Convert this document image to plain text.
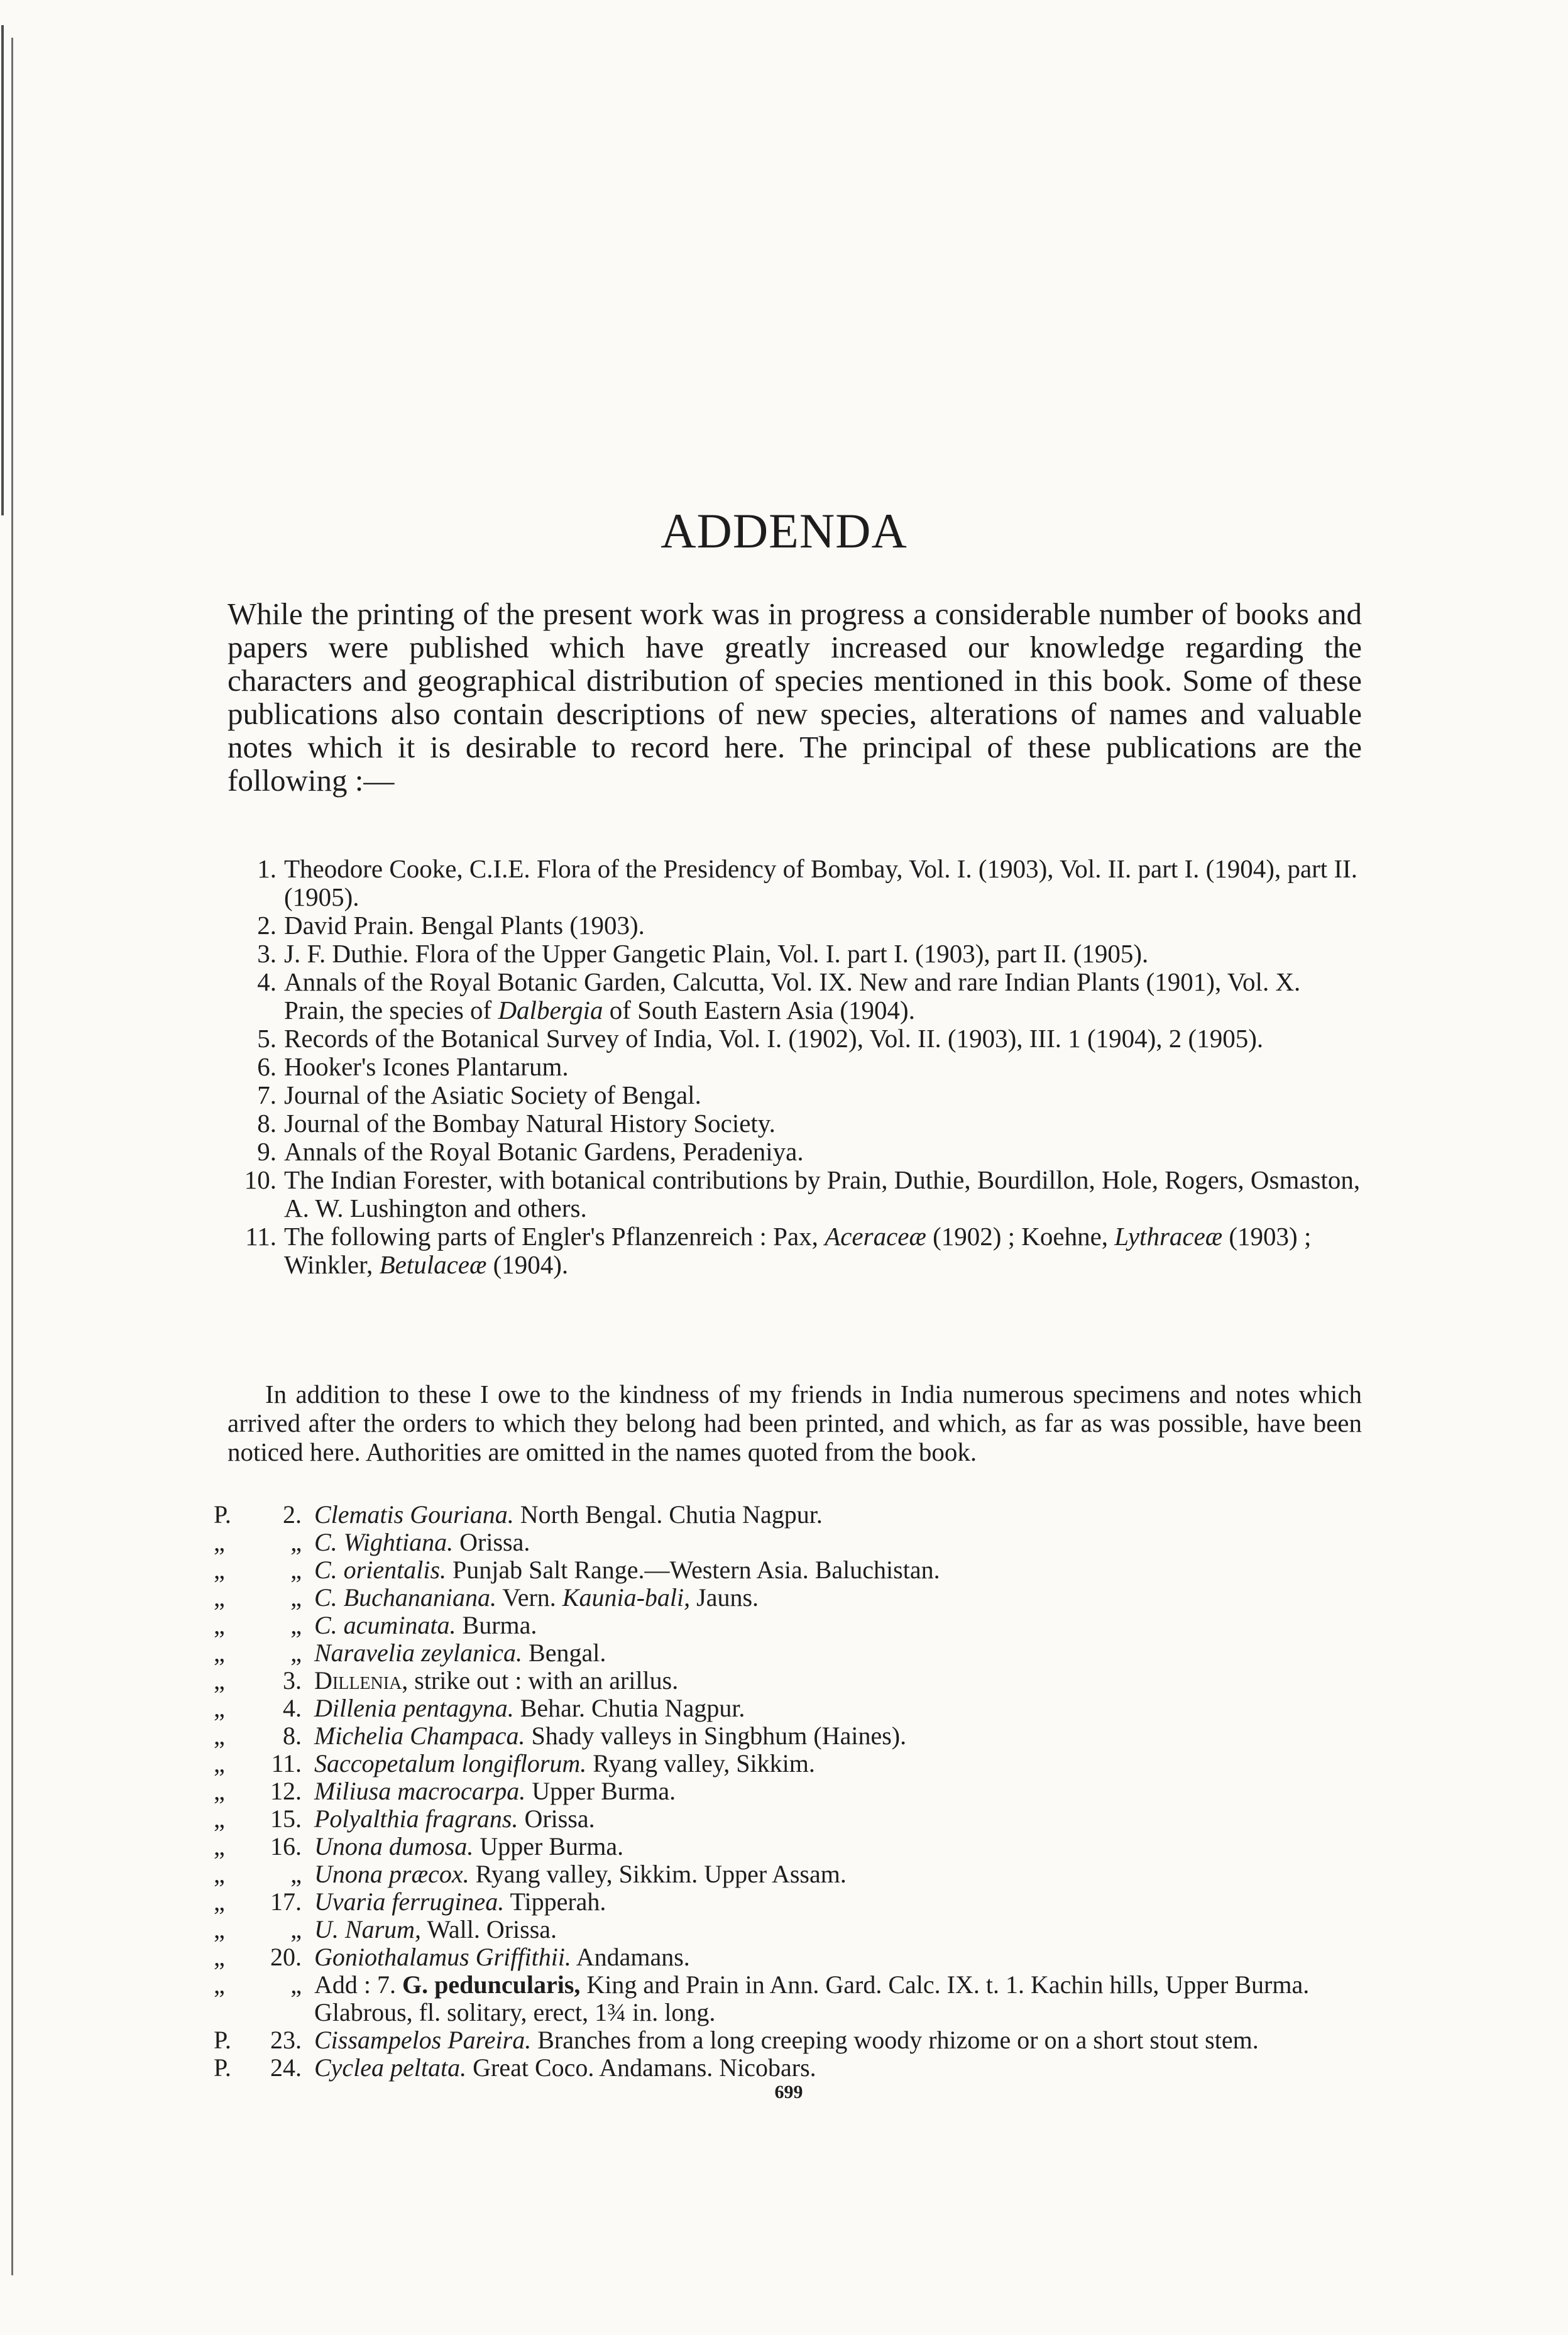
ADDENDA
While the printing of the present work was in progress a considerable number of books and papers were published which have greatly increased our knowledge regarding the characters and geographical distribution of species mentioned in this book. Some of these publications also contain descriptions of new species, alterations of names and valuable notes which it is desirable to record here. The principal of these publications are the following :—
1. Theodore Cooke, C.I.E. Flora of the Presidency of Bombay, Vol. I. (1903), Vol. II. part I. (1904), part II. (1905).
2. David Prain. Bengal Plants (1903).
3. J. F. Duthie. Flora of the Upper Gangetic Plain, Vol. I. part I. (1903), part II. (1905).
4. Annals of the Royal Botanic Garden, Calcutta, Vol. IX. New and rare Indian Plants (1901), Vol. X. Prain, the species of Dalbergia of South Eastern Asia (1904).
5. Records of the Botanical Survey of India, Vol. I. (1902), Vol. II. (1903), III. 1 (1904), 2 (1905).
6. Hooker's Icones Plantarum.
7. Journal of the Asiatic Society of Bengal.
8. Journal of the Bombay Natural History Society.
9. Annals of the Royal Botanic Gardens, Peradeniya.
10. The Indian Forester, with botanical contributions by Prain, Duthie, Bourdillon, Hole, Rogers, Osmaston, A. W. Lushington and others.
11. The following parts of Engler's Pflanzenreich : Pax, Aceraceæ (1902) ; Koehne, Lythraceæ (1903) ; Winkler, Betulaceæ (1904).
In addition to these I owe to the kindness of my friends in India numerous specimens and notes which arrived after the orders to which they belong had been printed, and which, as far as was possible, have been noticed here. Authorities are omitted in the names quoted from the book.
P.	2. Clematis Gouriana. North Bengal. Chutia Nagpur.
„	„ C. Wightiana. Orissa.
„	„ C. orientalis. Punjab Salt Range.—Western Asia. Baluchistan.
„	„ C. Buchananiana. Vern. Kaunia-bali, Jauns.
„	„ C. acuminata. Burma.
„	„ Naravelia zeylanica. Bengal.
„	3. Dillenia, strike out : with an arillus.
„	4. Dillenia pentagyna. Behar. Chutia Nagpur.
„	8. Michelia Champaca. Shady valleys in Singbhum (Haines).
„	11. Saccopetalum longiflorum. Ryang valley, Sikkim.
„	12. Miliusa macrocarpa. Upper Burma.
„	15. Polyalthia fragrans. Orissa.
„	16. Unona dumosa. Upper Burma.
„	„ Unona præcox. Ryang valley, Sikkim. Upper Assam.
„	17. Uvaria ferruginea. Tipperah.
„	„ U. Narum, Wall. Orissa.
„	20. Goniothalamus Griffithii. Andamans.
„	„ Add : 7. G. peduncularis, King and Prain in Ann. Gard. Calc. IX. t. 1. Kachin hills, Upper Burma. Glabrous, fl. solitary, erect, 1¾ in. long.
P.	23. Cissampelos Pareira. Branches from a long creeping woody rhizome or on a short stout stem.
P.	24. Cyclea peltata. Great Coco. Andamans. Nicobars.
699
